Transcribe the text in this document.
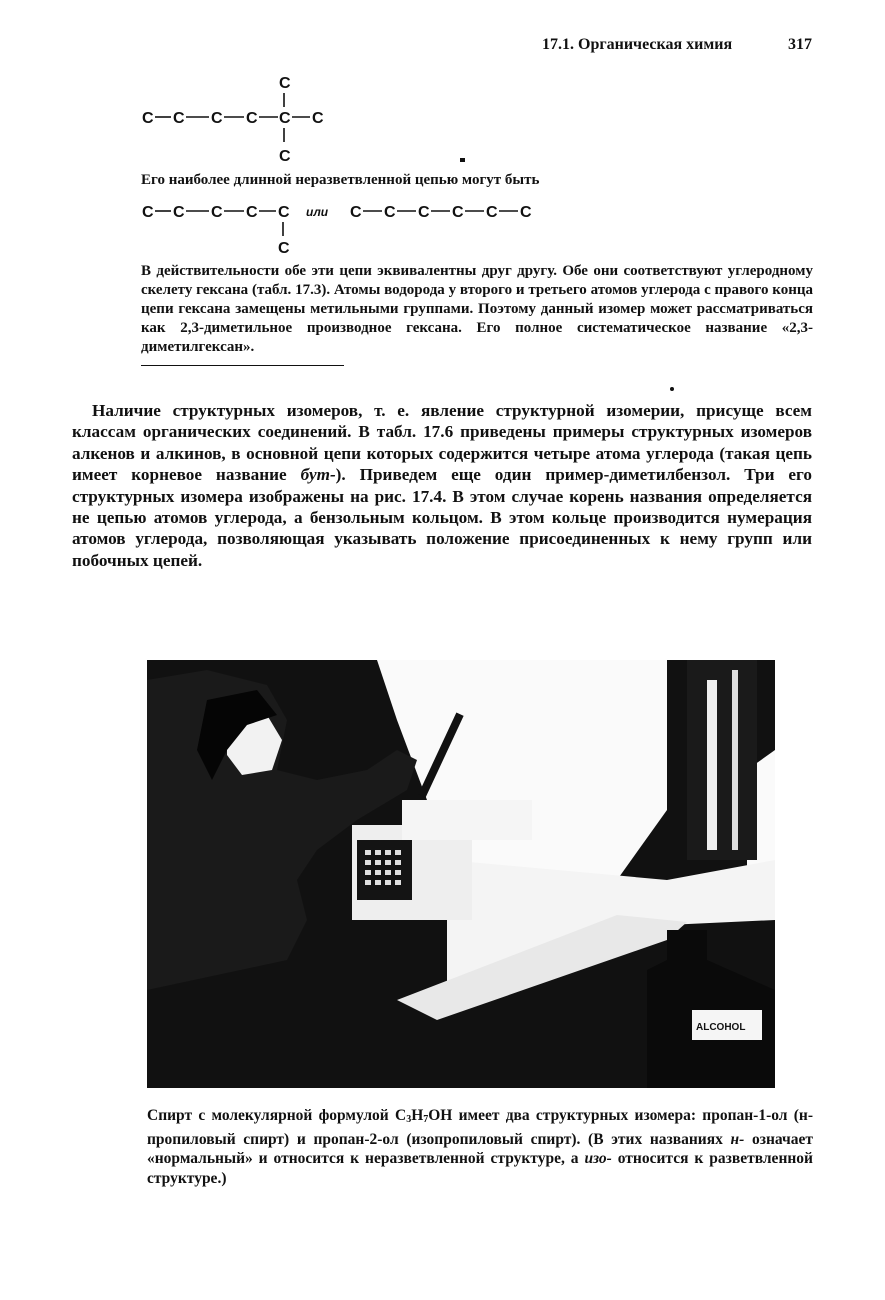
17.1. Органическая химия	317
C
C C C C C C
C
Его наиболее длинной неразветвленной цепью могут быть
C C C C C
C
или C C C C C C
В действительности обе эти цепи эквивалентны друг другу. Обе они соответствуют углеродному скелету гексана (табл. 17.3). Атомы водорода у второго и третьего атомов углерода с правого конца цепи гексана замещены метильными группами. Поэтому данный изомер может рассматриваться как 2,3-диметильное производное гексана. Его полное систематическое название «2,3-диметилгексан».

Наличие структурных изомеров, т. е. явление структурной изомерии, присуще всем классам органических соединений. В табл. 17.6 приведены примеры структурных изомеров алкенов и алкинов, в основной цепи которых содержится четыре атома углерода (такая цепь имеет корневое название бут-). Приведем еще один пример-диметилбензол. Три его структурных изомера изображены на рис. 17.4. В этом случае корень названия определяется не цепью атомов углерода, а бензольным кольцом. В этом кольце производится нумерация атомов углерода, позволяющая указывать положение присоединенных к нему групп или побочных цепей.

ALCOHOL

Спирт с молекулярной формулой $C_3H_7OH$ имеет два структурных изомера: пропан-1-ол (н-пропиловый спирт) и пропан-2-ол (изопропиловый спирт). (В этих названиях н- означает «нормальный» и относится к неразветвленной структуре, а изо- относится к разветвленной структуре.)
